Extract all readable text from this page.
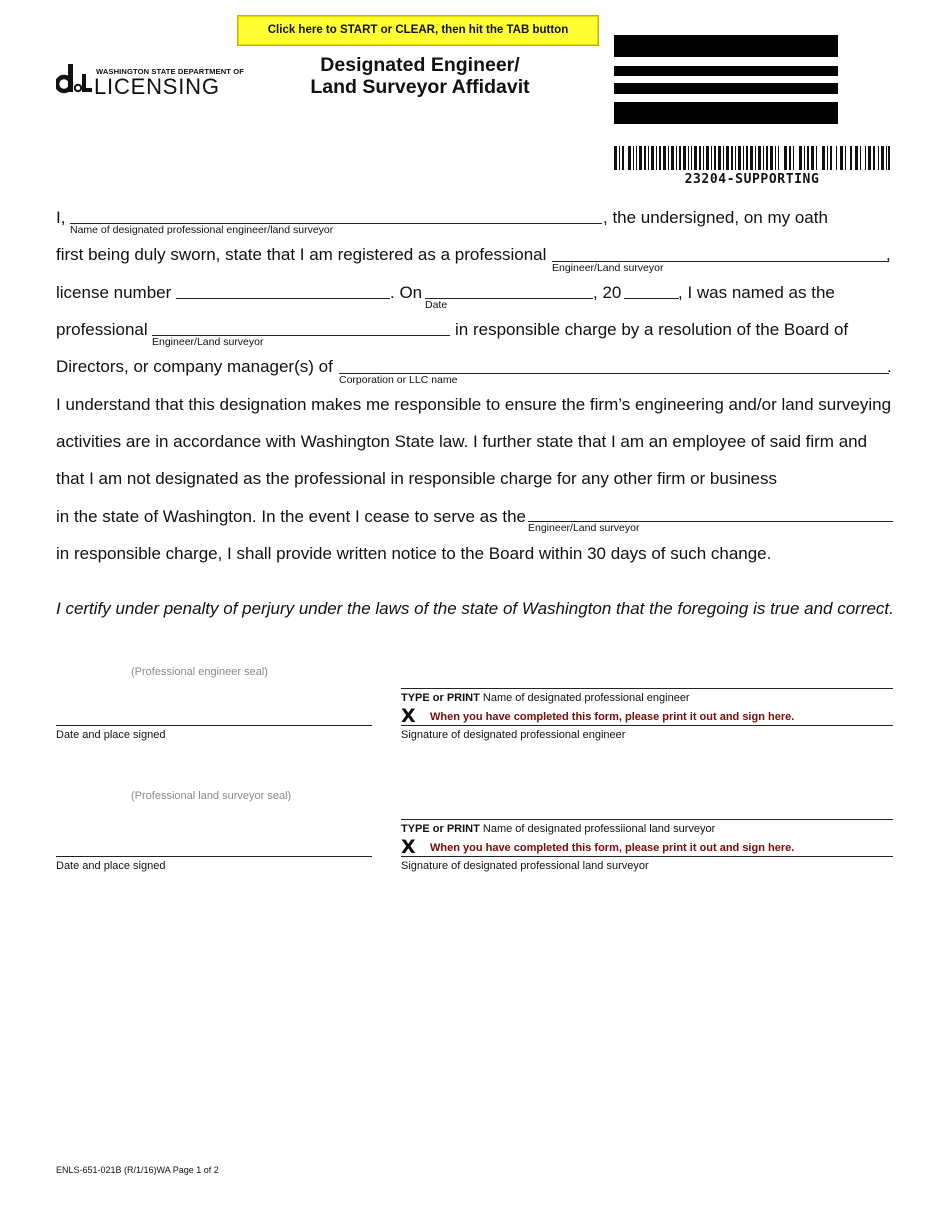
Click here to START or CLEAR, then hit the TAB button
WASHINGTON STATE DEPARTMENT OF
LICENSING
Designated Engineer/
Land Surveyor Affidavit
23204-SUPPORTING
I,
Name of designated professional engineer/land surveyor
, the undersigned, on my oath
first being duly sworn, state that I am registered as a professional
Engineer/Land surveyor
,
license number	. On
Date
, 20	, I was named as the
professional
Engineer/Land surveyor
in responsible charge by a resolution of the Board of
Directors, or company manager(s) of
Corporation or LLC name
.
I understand that this designation makes me responsible to ensure the firm’s engineering and/or land surveying
activities are in accordance with Washington State law. I further state that I am an employee of said firm and
that I am not designated as the professional in responsible charge for any other firm or business
in the state of Washington. In the event I cease to serve as the
Engineer/Land surveyor
in responsible charge, I shall provide written notice to the Board within 30 days of such change.
I certify under penalty of perjury under the laws of the state of Washington that the foregoing is true and correct.
(Professional engineer seal)
TYPE or PRINT Name of designated professional engineer
X When you have completed this form, please print it out and sign here.
Date and place signed	Signature of designated professional engineer
(Professional land surveyor seal)
TYPE or PRINT Name of designated professiional land surveyor
X When you have completed this form, please print it out and sign here.
Date and place signed	Signature of designated professional land surveyor
ENLS-651-021B (R/1/16)WA Page 1 of 2
